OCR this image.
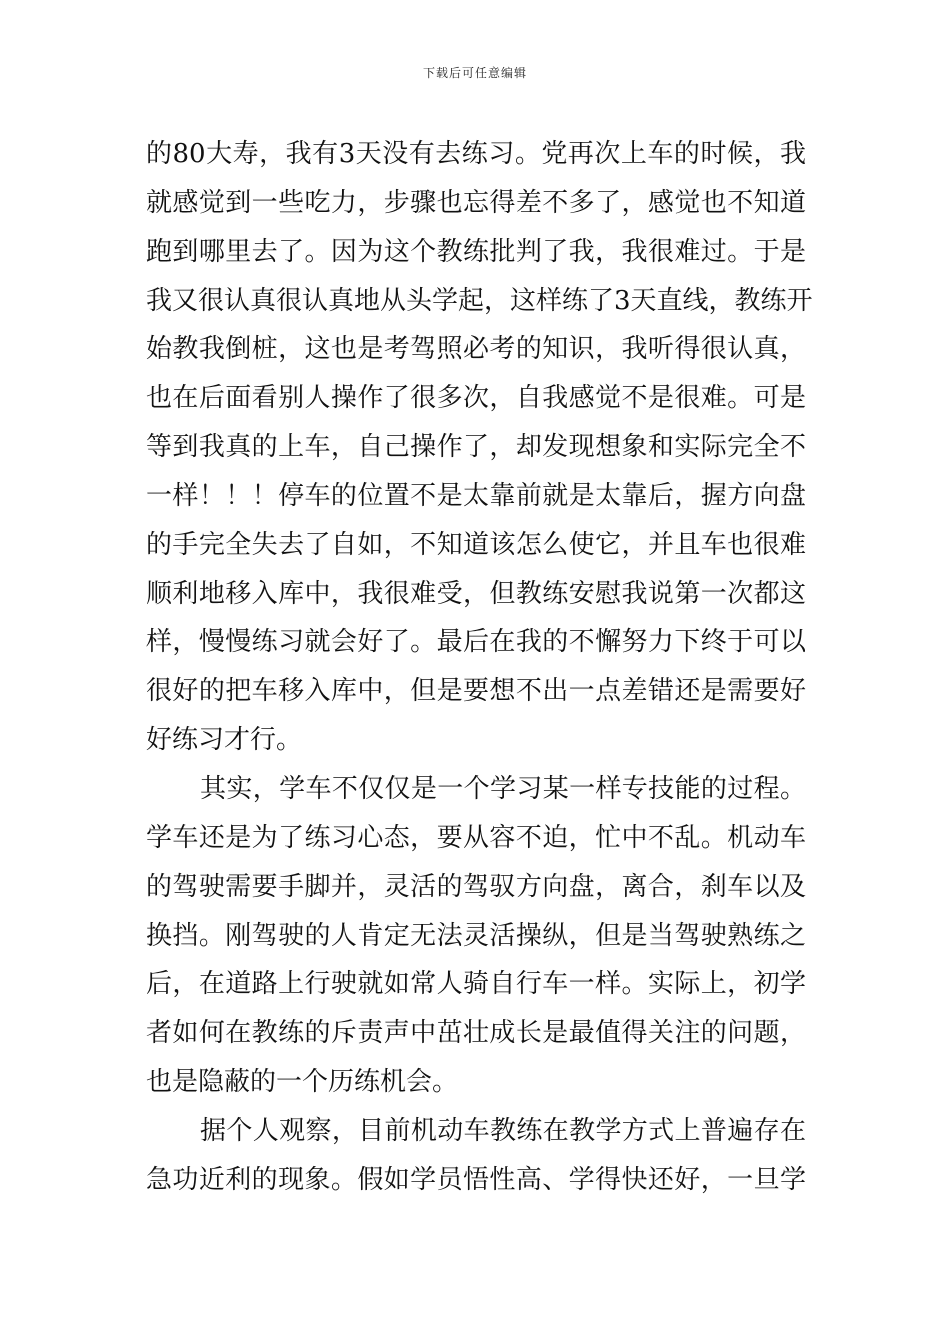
下载后可任意编辑
的80大寿，我有3天没有去练习。党再次上车的时候，我
就感觉到一些吃力，步骤也忘得差不多了，感觉也不知道
跑到哪里去了。因为这个教练批判了我，我很难过。于是
我又很认真很认真地从头学起，这样练了3天直线，教练开
始教我倒桩，这也是考驾照必考的知识，我听得很认真，
也在后面看别人操作了很多次，自我感觉不是很难。可是
等到我真的上车，自己操作了，却发现想象和实际完全不
一样！！！停车的位置不是太靠前就是太靠后，握方向盘
的手完全失去了自如，不知道该怎么使它，并且车也很难
顺利地移入库中，我很难受，但教练安慰我说第一次都这
样，慢慢练习就会好了。最后在我的不懈努力下终于可以
很好的把车移入库中，但是要想不出一点差错还是需要好
好练习才行。
其实，学车不仅仅是一个学习某一样专技能的过程。
学车还是为了练习心态，要从容不迫，忙中不乱。机动车
的驾驶需要手脚并，灵活的驾驭方向盘，离合，刹车以及
换挡。刚驾驶的人肯定无法灵活操纵，但是当驾驶熟练之
后，在道路上行驶就如常人骑自行车一样。实际上，初学
者如何在教练的斥责声中茁壮成长是最值得关注的问题，
也是隐蔽的一个历练机会。
据个人观察，目前机动车教练在教学方式上普遍存在
急功近利的现象。假如学员悟性高、学得快还好，一旦学
